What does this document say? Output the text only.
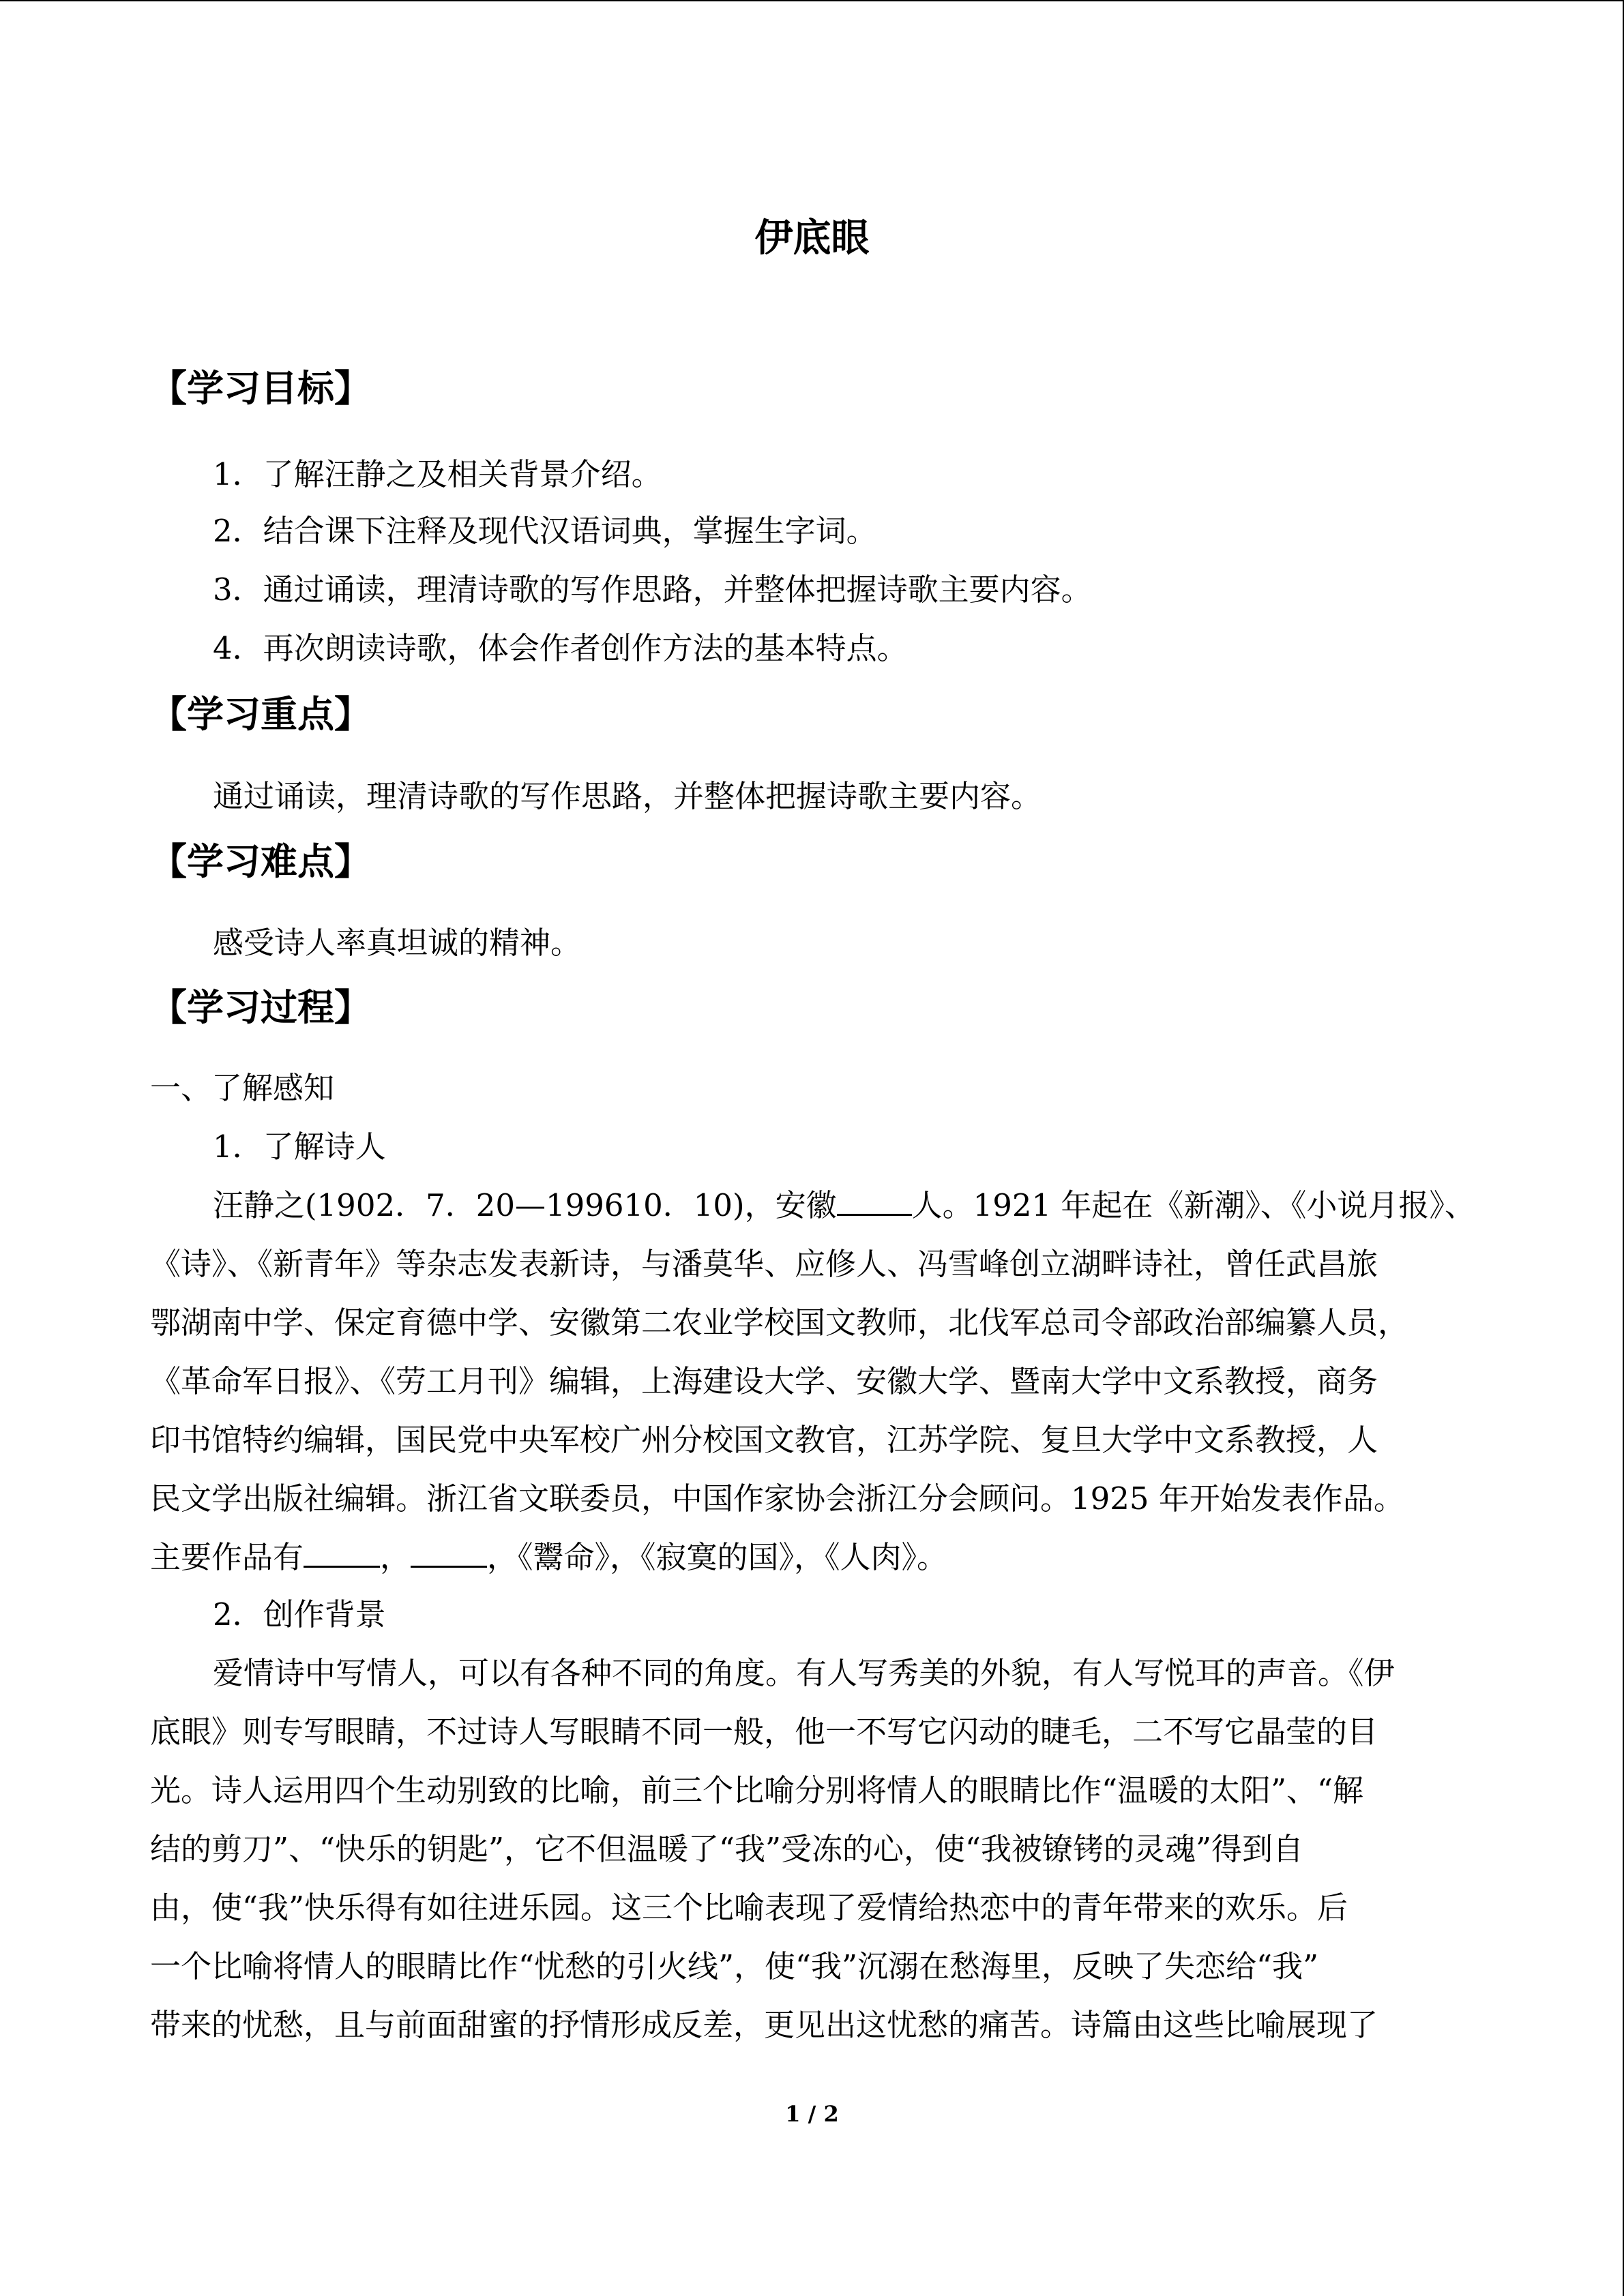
伊底眼
【学习目标】
1．了解汪静之及相关背景介绍。
2．结合课下注释及现代汉语词典，掌握生字词。
3．通过诵读，理清诗歌的写作思路，并整体把握诗歌主要内容。
4．再次朗读诗歌，体会作者创作方法的基本特点。
【学习重点】
通过诵读，理清诗歌的写作思路，并整体把握诗歌主要内容。
【学习难点】
感受诗人率真坦诚的精神。
【学习过程】
一、了解感知
1．了解诗人
汪静之(1902．7．20—199610．10)，安徽 人。1921 年起在《新潮》、《小说月报》、
《诗》、《新青年》等杂志发表新诗，与潘莫华、应修人、冯雪峰创立湖畔诗社，曾任武昌旅
鄂湖南中学、保定育德中学、安徽第二农业学校国文教师，北伐军总司令部政治部编纂人员，
《革命军日报》、《劳工月刊》编辑，上海建设大学、安徽大学、暨南大学中文系教授，商务
印书馆特约编辑，国民党中央军校广州分校国文教官，江苏学院、复旦大学中文系教授，人
民文学出版社编辑。浙江省文联委员，中国作家协会浙江分会顾问。1925 年开始发表作品。
主要作品有 ， ，《鬻命》，《寂寞的国》，《人肉》。
2．创作背景
爱情诗中写情人，可以有各种不同的角度。有人写秀美的外貌，有人写悦耳的声音。《伊
底眼》则专写眼睛，不过诗人写眼睛不同一般，他一不写它闪动的睫毛，二不写它晶莹的目
光。诗人运用四个生动别致的比喻，前三个比喻分别将情人的眼睛比作“温暖的太阳”、“解
结的剪刀”、“快乐的钥匙”，它不但温暖了“我”受冻的心，使“我被镣铐的灵魂”得到自
由，使“我”快乐得有如往进乐园。这三个比喻表现了爱情给热恋中的青年带来的欢乐。后
一个比喻将情人的眼睛比作“忧愁的引火线”，使“我”沉溺在愁海里，反映了失恋给“我”
带来的忧愁，且与前面甜蜜的抒情形成反差，更见出这忧愁的痛苦。诗篇由这些比喻展现了
1 / 2
